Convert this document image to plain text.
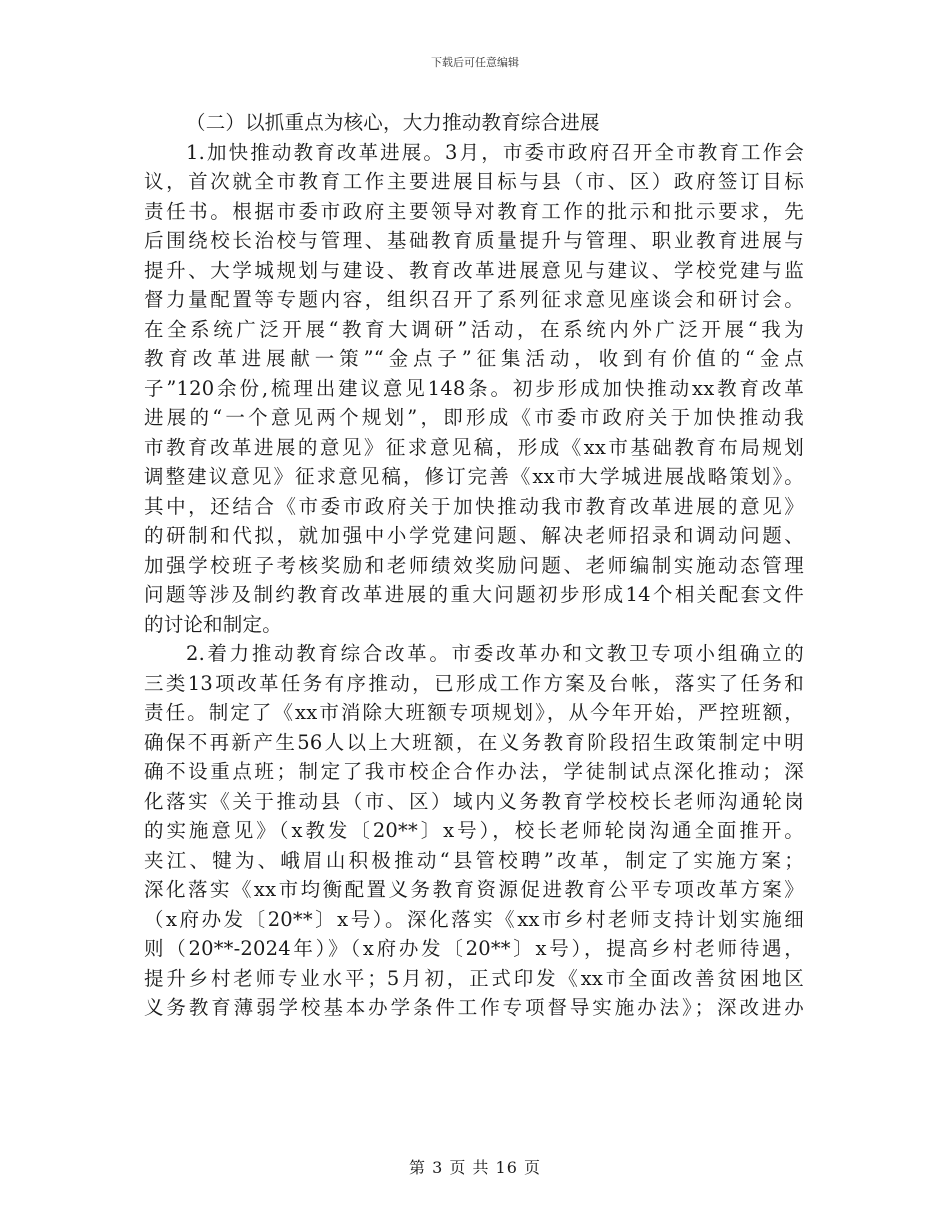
下载后可任意编辑
（二）以抓重点为核心，大力推动教育综合进展
1.加快推动教育改革进展。3月，市委市政府召开全市教育工作会
议，首次就全市教育工作主要进展目标与县（市、区）政府签订目标
责任书。根据市委市政府主要领导对教育工作的批示和批示要求，先
后围绕校长治校与管理、基础教育质量提升与管理、职业教育进展与
提升、大学城规划与建设、教育改革进展意见与建议、学校党建与监
督力量配置等专题内容，组织召开了系列征求意见座谈会和研讨会。
在全系统广泛开展“教育大调研”活动，在系统内外广泛开展“我为
教育改革进展献一策”“金点子”征集活动，收到有价值的“金点
子”120余份,梳理出建议意见148条。初步形成加快推动xx教育改革
进展的“一个意见两个规划”，即形成《市委市政府关于加快推动我
市教育改革进展的意见》征求意见稿，形成《xx市基础教育布局规划
调整建议意见》征求意见稿，修订完善《xx市大学城进展战略策划》。
其中，还结合《市委市政府关于加快推动我市教育改革进展的意见》
的研制和代拟，就加强中小学党建问题、解决老师招录和调动问题、
加强学校班子考核奖励和老师绩效奖励问题、老师编制实施动态管理
问题等涉及制约教育改革进展的重大问题初步形成14个相关配套文件
的讨论和制定。
2.着力推动教育综合改革。市委改革办和文教卫专项小组确立的
三类13项改革任务有序推动，已形成工作方案及台帐，落实了任务和
责任。制定了《xx市消除大班额专项规划》，从今年开始，严控班额，
确保不再新产生56人以上大班额，在义务教育阶段招生政策制定中明
确不设重点班；制定了我市校企合作办法，学徒制试点深化推动；深
化落实《关于推动县（市、区）域内义务教育学校校长老师沟通轮岗
的实施意见》（x教发〔20**〕x号），校长老师轮岗沟通全面推开。
夹江、犍为、峨眉山积极推动“县管校聘”改革，制定了实施方案；
深化落实《xx市均衡配置义务教育资源促进教育公平专项改革方案》
（x府办发〔20**〕x号）。深化落实《xx市乡村老师支持计划实施细
则（20**-2024年）》（x府办发〔20**〕x号），提高乡村老师待遇，
提升乡村老师专业水平；5月初，正式印发《xx市全面改善贫困地区
义务教育薄弱学校基本办学条件工作专项督导实施办法》；深改进办
第 3 页 共 16 页
